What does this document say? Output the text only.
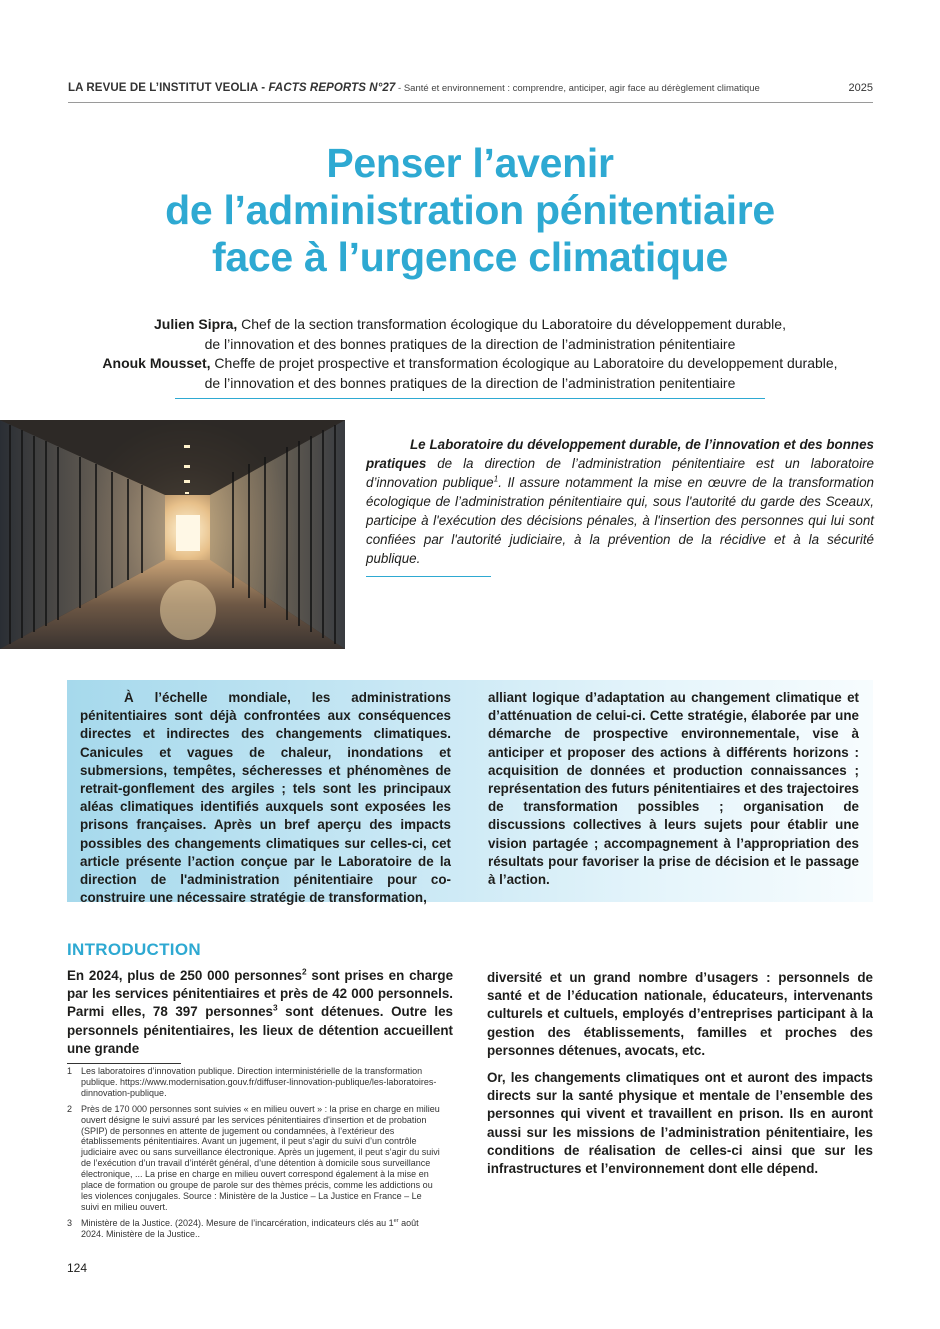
LA REVUE DE L’INSTITUT VEOLIA - FACTS REPORTS N°27 - Santé et environnement : comprendre, anticiper, agir face au dérèglement climatique	2025
Penser l’avenir
de l’administration pénitentiaire
face à l’urgence climatique
Julien Sipra, Chef de la section transformation écologique du Laboratoire du développement durable,
de l’innovation et des bonnes pratiques de la direction de l’administration pénitentiaire
Anouk Mousset, Cheffe de projet prospective et transformation écologique au Laboratoire du developpement durable,
de l’innovation et des bonnes pratiques de la direction de l’administration penitentiaire
Le Laboratoire du développement durable, de l’innovation et des bonnes pratiques de la direction de l’administration pénitentiaire est un laboratoire d’innovation publique$^1$. Il assure notamment la mise en œuvre de la transformation écologique de l’administration pénitentiaire qui, sous l'autorité du garde des Sceaux, participe à l'exécution des décisions pénales, à l'insertion des personnes qui lui sont confiées par l'autorité judiciaire, à la prévention de la récidive et à la sécurité publique.
À l’échelle mondiale, les administrations pénitentiaires sont déjà confrontées aux conséquences directes et indirectes des changements climatiques. Canicules et vagues de chaleur, inondations et submersions, tempêtes, sécheresses et phénomènes de retrait-gonflement des argiles ; tels sont les principaux aléas climatiques identifiés auxquels sont exposées les prisons françaises. Après un bref aperçu des impacts possibles des changements climatiques sur celles-ci, cet article présente l’action conçue par le Laboratoire de la direction de l'administration pénitentiaire pour co-construire une nécessaire stratégie de transformation,
alliant logique d’adaptation au changement climatique et d’atténuation de celui-ci. Cette stratégie, élaborée par une démarche de prospective environnementale, vise à anticiper et proposer des actions à différents horizons : acquisition de données et production connaissances ; représentation des futurs pénitentiaires et des trajectoires de transformation possibles ; organisation de discussions collectives à leurs sujets pour établir une vision partagée ; accompagnement à l’appropriation des résultats pour favoriser la prise de décision et le passage à l’action.
INTRODUCTION
En 2024, plus de 250 000 personnes$^2$ sont prises en charge par les services pénitentiaires et près de 42 000 personnels. Parmi elles, 78 397 personnes$^3$ sont détenues. Outre les personnels pénitentiaires, les lieux de détention accueillent une grande

diversité et un grand nombre d’usagers : personnels de santé et de l’éducation nationale, éducateurs, intervenants culturels et cultuels, employés d’entreprises participant à la gestion des établissements, familles et proches des personnes détenues, avocats, etc.

Or, les changements climatiques ont et auront des impacts directs sur la santé physique et mentale de l’ensemble des personnes qui vivent et travaillent en prison. Ils en auront aussi sur les missions de l’administration pénitentiaire, les conditions de réalisation de celles-ci ainsi que sur les infrastructures et l’environnement dont elle dépend.

1 Les laboratoires d’innovation publique. Direction interministérielle de la transformation publique. https://www.modernisation.gouv.fr/diffuser-linnovation-publique/les-laboratoires-dinnovation-publique.
2 Près de 170 000 personnes sont suivies « en milieu ouvert » : la prise en charge en milieu ouvert désigne le suivi assuré par les services pénitentiaires d'insertion et de probation (SPIP) de personnes en attente de jugement ou condamnées, à l’extérieur des établissements pénitentiaires. Avant un jugement, il peut s’agir du suivi d’un contrôle judiciaire avec ou sans surveillance électronique. Après un jugement, il peut s’agir du suivi de l’exécution d’un travail d’intérêt général, d’une détention à domicile sous surveillance électronique, ... La prise en charge en milieu ouvert correspond également à la mise en place de formation ou groupe de parole sur des thèmes précis, comme les addictions ou les violences conjugales. Source : Ministère de la Justice – La Justice en France – Le suivi en milieu ouvert.
3 Ministère de la Justice. (2024). Mesure de l’incarcération, indicateurs clés au 1er août 2024. Ministère de la Justice..
124
